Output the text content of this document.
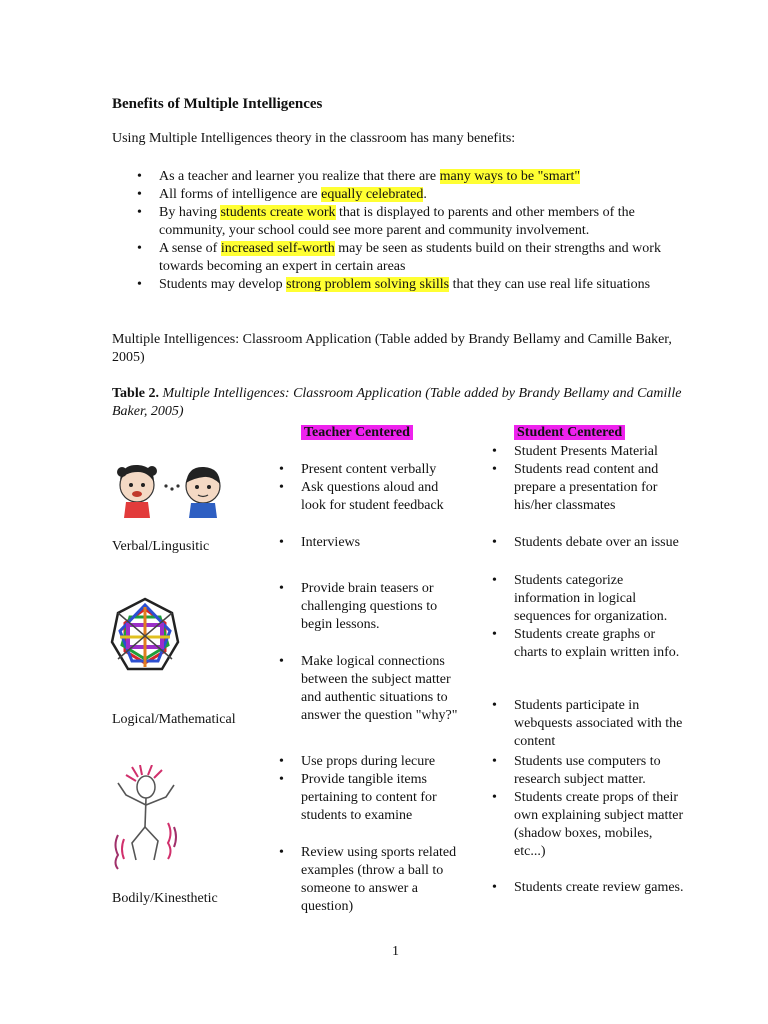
Benefits of Multiple Intelligences
Using Multiple Intelligences theory in the classroom has many benefits:
• As a teacher and learner you realize that there are many ways to be "smart"
• All forms of intelligence are equally celebrated.
• By having students create work that is displayed to parents and other members of the community, your school could see more parent and community involvement.
• A sense of increased self-worth may be seen as students build on their strengths and work towards becoming an expert in certain areas
• Students may develop strong problem solving skills that they can use real life situations
Multiple Intelligences: Classroom Application (Table added by Brandy Bellamy and Camille Baker, 2005)
Table 2. Multiple Intelligences: Classroom Application (Table added by Brandy Bellamy and Camille Baker, 2005)
Teacher Centered	Student Centered
Verbal/Lingusitic
• Present content verbally
• Ask questions aloud and look for student feedback
• Interviews
• Student Presents Material
• Students read content and prepare a presentation for his/her classmates
• Students debate over an issue
Logical/Mathematical
• Provide brain teasers or challenging questions to begin lessons.
• Make logical connections between the subject matter and authentic situations to answer the question "why?"
• Students categorize information in logical sequences for organization.
• Students create graphs or charts to explain written info.
• Students participate in webquests associated with the content
Bodily/Kinesthetic
• Use props during lecure
• Provide tangible items pertaining to content for students to examine
• Review using sports related examples (throw a ball to someone to answer a question)
• Students use computers to research subject matter.
• Students create props of their own explaining subject matter (shadow boxes, mobiles, etc...)
• Students create review games.
1
